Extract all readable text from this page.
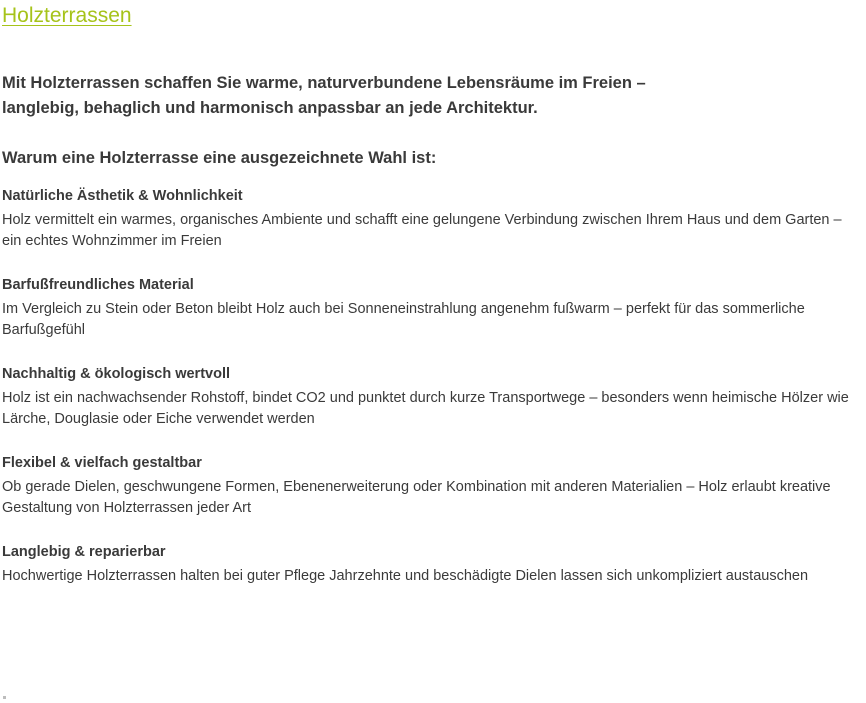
Holzterrassen
Mit Holzterrassen schaffen Sie warme, naturverbundene Lebensräume im Freien –
langlebig, behaglich und harmonisch anpassbar an jede Architektur.
Warum eine Holzterrasse eine ausgezeichnete Wahl ist:
Natürliche Ästhetik & Wohnlichkeit
Holz vermittelt ein warmes, organisches Ambiente und schafft eine gelungene Verbindung zwischen Ihrem Haus und dem Garten – ein echtes Wohnzimmer im Freien
Barfußfreundliches Material
Im Vergleich zu Stein oder Beton bleibt Holz auch bei Sonneneinstrahlung angenehm fußwarm – perfekt für das sommerliche Barfußgefühl
Nachhaltig & ökologisch wertvoll
Holz ist ein nachwachsender Rohstoff, bindet CO2 und punktet durch kurze Transportwege – besonders wenn heimische Hölzer wie Lärche, Douglasie oder Eiche verwendet werden
Flexibel & vielfach gestaltbar
Ob gerade Dielen, geschwungene Formen, Ebenenerweiterung oder Kombination mit anderen Materialien – Holz erlaubt kreative Gestaltung von Holzterrassen jeder Art
Langlebig & reparierbar
Hochwertige Holzterrassen halten bei guter Pflege Jahrzehnte und beschädigte Dielen lassen sich unkompliziert austauschen
